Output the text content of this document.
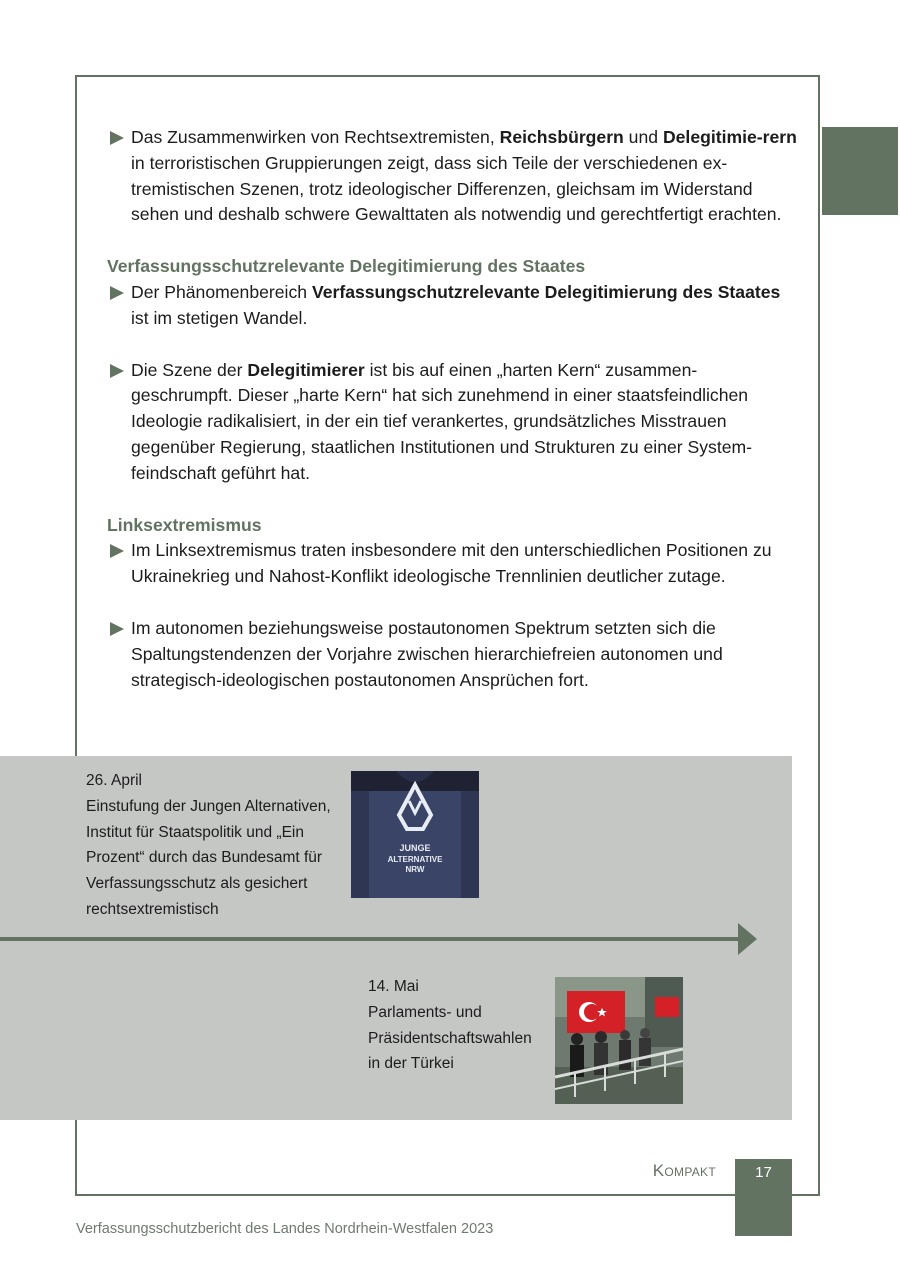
Das Zusammenwirken von Rechtsextremisten, Reichsbürgern und Delegitimie-rern in terroristischen Gruppierungen zeigt, dass sich Teile der verschiedenen ex-tremistischen Szenen, trotz ideologischer Differenzen, gleichsam im Widerstand sehen und deshalb schwere Gewalttaten als notwendig und gerechtfertigt erachten.

Verfassungsschutzrelevante Delegitimierung des Staates

Der Phänomenbereich Verfassungschutzrelevante Delegitimierung des Staates ist im stetigen Wandel.

Die Szene der Delegitimierer ist bis auf einen „harten Kern“ zusammen-geschrumpft. Dieser „harte Kern“ hat sich zunehmend in einer staatsfeindlichen Ideologie radikalisiert, in der ein tief verankertes, grundsätzliches Misstrauen gegenüber Regierung, staatlichen Institutionen und Strukturen zu einer System-feindschaft geführt hat.

Linksextremismus

Im Linksextremismus traten insbesondere mit den unterschiedlichen Positionen zu Ukrainekrieg und Nahost-Konflikt ideologische Trennlinien deutlicher zutage.

Im autonomen beziehungsweise postautonomen Spektrum setzten sich die Spaltungstendenzen der Vorjahre zwischen hierarchiefreien autonomen und strategisch-ideologischen postautonomen Ansprüchen fort.

26. April
Einstufung der Jungen Alternativen,
Institut für Staatspolitik und „Ein
Prozent“ durch das Bundesamt für
Verfassungsschutz als gesichert
rechtsextremistisch
JUNGE
ALTERNATIVE
NRW
14. Mai
Parlaments- und
Präsidentschaftswahlen
in der Türkei
Kompakt	17
Verfassungsschutzbericht des Landes Nordrhein-Westfalen 2023
